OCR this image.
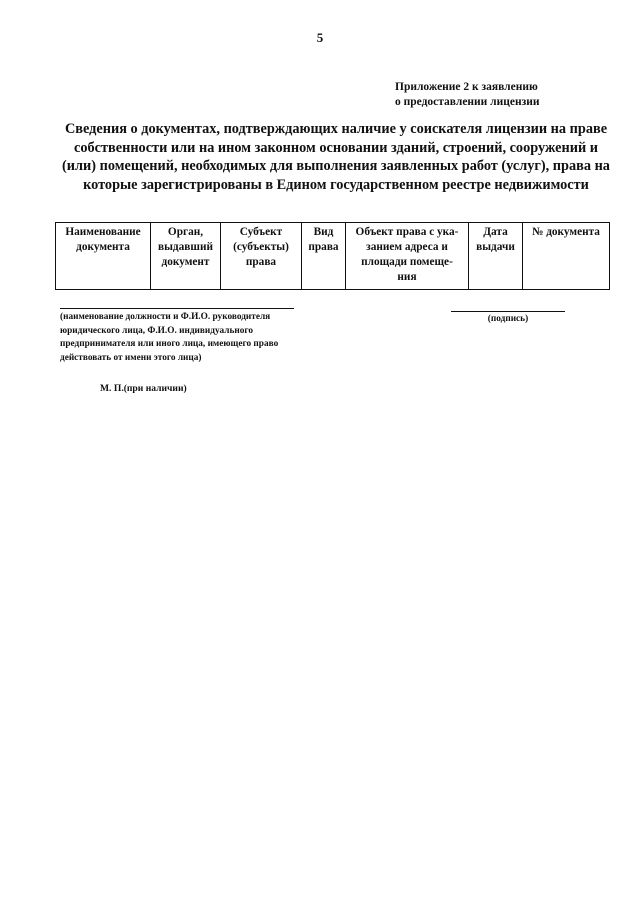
5
Приложение 2 к заявлению
о предоставлении лицензии
Сведения о документах, подтверждающих наличие у соискателя лицензии на праве
собственности или на ином законном основании зданий, строений, сооружений и
(или) помещений, необходимых для выполнения заявленных работ (услуг), права на
которые зарегистрированы в Едином государственном реестре недвижимости
Наименование
документа

Орган,
выдавший
документ

Субъект
(субъекты)
права

Вид
права

Объект права с ука-
занием адреса и
площади помеще-
ния

Дата
выдачи

№ документа
(наименование должности и Ф.И.О. руководителя
юридического лица, Ф.И.О. индивидуального
предпринимателя или иного лица, имеющего право
действовать от имени этого лица)
(подпись)
М. П.(при наличии)
